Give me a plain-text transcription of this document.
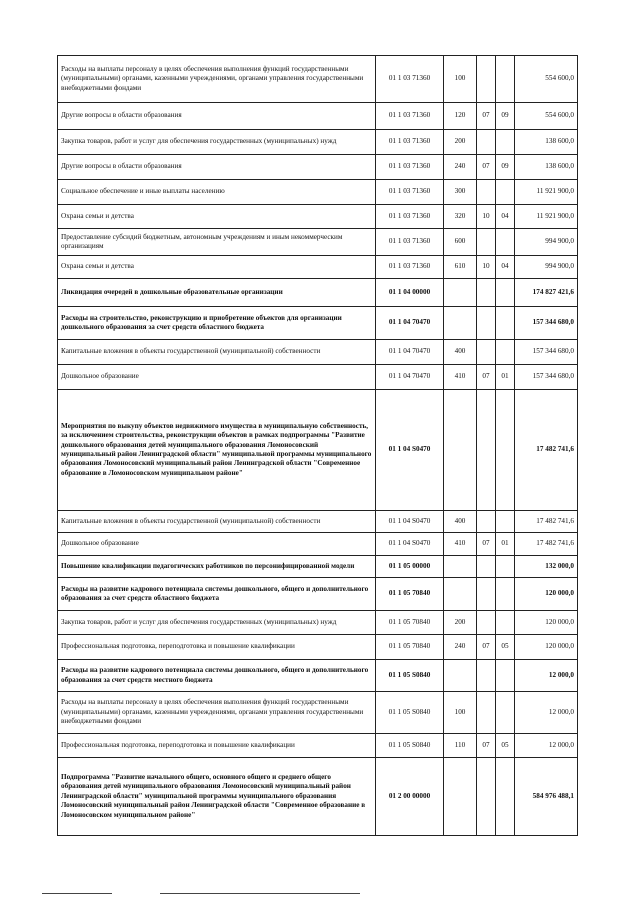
Расходы на выплаты персоналу в целях обеспечения выполнения функций государственными (муниципальными) органами, казенными учреждениями, органами управления государственными внебюджетными фондами	01 1 03 71360	100			554 600,0
Другие вопросы в области образования	01 1 03 71360	120	07	09	554 600,0
Закупка товаров, работ и услуг для обеспечения государственных (муниципальных) нужд	01 1 03 71360	200			138 600,0
Другие вопросы в области образования	01 1 03 71360	240	07	09	138 600,0
Социальное обеспечение и иные выплаты населению	01 1 03 71360	300			11 921 900,0
Охрана семьи и детства	01 1 03 71360	320	10	04	11 921 900,0
Предоставление субсидий бюджетным, автономным учреждениям и иным некоммерческим организациям	01 1 03 71360	600			994 900,0
Охрана семьи и детства	01 1 03 71360	610	10	04	994 900,0
Ликвидация очередей в дошкольные образовательные организации	01 1 04 00000				174 827 421,6
Расходы на строительство, реконструкцию и приобретение объектов для организации дошкольного образования за счет средств областного бюджета	01 1 04 70470				157 344 680,0
Капитальные вложения в объекты государственной (муниципальной) собственности	01 1 04 70470	400			157 344 680,0
Дошкольное образование	01 1 04 70470	410	07	01	157 344 680,0
Мероприятия по выкупу объектов недвижимого имущества в муниципальную собственность, за исключением строительства, реконструкции объектов в рамках подпрограммы "Развитие дошкольного образования детей муниципального образования Ломоносовский муниципальный район Ленинградской области" муниципальной программы муниципального образования Ломоносовский муниципальный район Ленинградской области "Современное образование в Ломоносовском муниципальном районе"	01 1 04 S0470				17 482 741,6
Капитальные вложения в объекты государственной (муниципальной) собственности	01 1 04 S0470	400			17 482 741,6
Дошкольное образование	01 1 04 S0470	410	07	01	17 482 741,6
Повышение квалификации педагогических работников по персонифицированной модели	01 1 05 00000				132 000,0
Расходы на развитие кадрового потенциала системы дошкольного, общего и дополнительного образования за счет средств областного бюджета	01 1 05 70840				120 000,0
Закупка товаров, работ и услуг для обеспечения государственных (муниципальных) нужд	01 1 05 70840	200			120 000,0
Профессиональная подготовка, переподготовка и повышение квалификации	01 1 05 70840	240	07	05	120 000,0
Расходы на развитие кадрового потенциала системы дошкольного, общего и дополнительного образования за счет средств местного бюджета	01 1 05 S0840				12 000,0
Расходы на выплаты персоналу в целях обеспечения выполнения функций государственными (муниципальными) органами, казенными учреждениями, органами управления государственными внебюджетными фондами	01 1 05 S0840	100			12 000,0
Профессиональная подготовка, переподготовка и повышение квалификации	01 1 05 S0840	110	07	05	12 000,0
Подпрограмма "Развитие начального общего, основного общего и среднего общего образования детей муниципального образования Ломоносовский муниципальный район Ленинградской области" муниципальной программы муниципального образования Ломоносовский муниципальный район Ленинградской области "Современное образование в Ломоносовском муниципальном районе"	01 2 00 00000				584 976 488,1
